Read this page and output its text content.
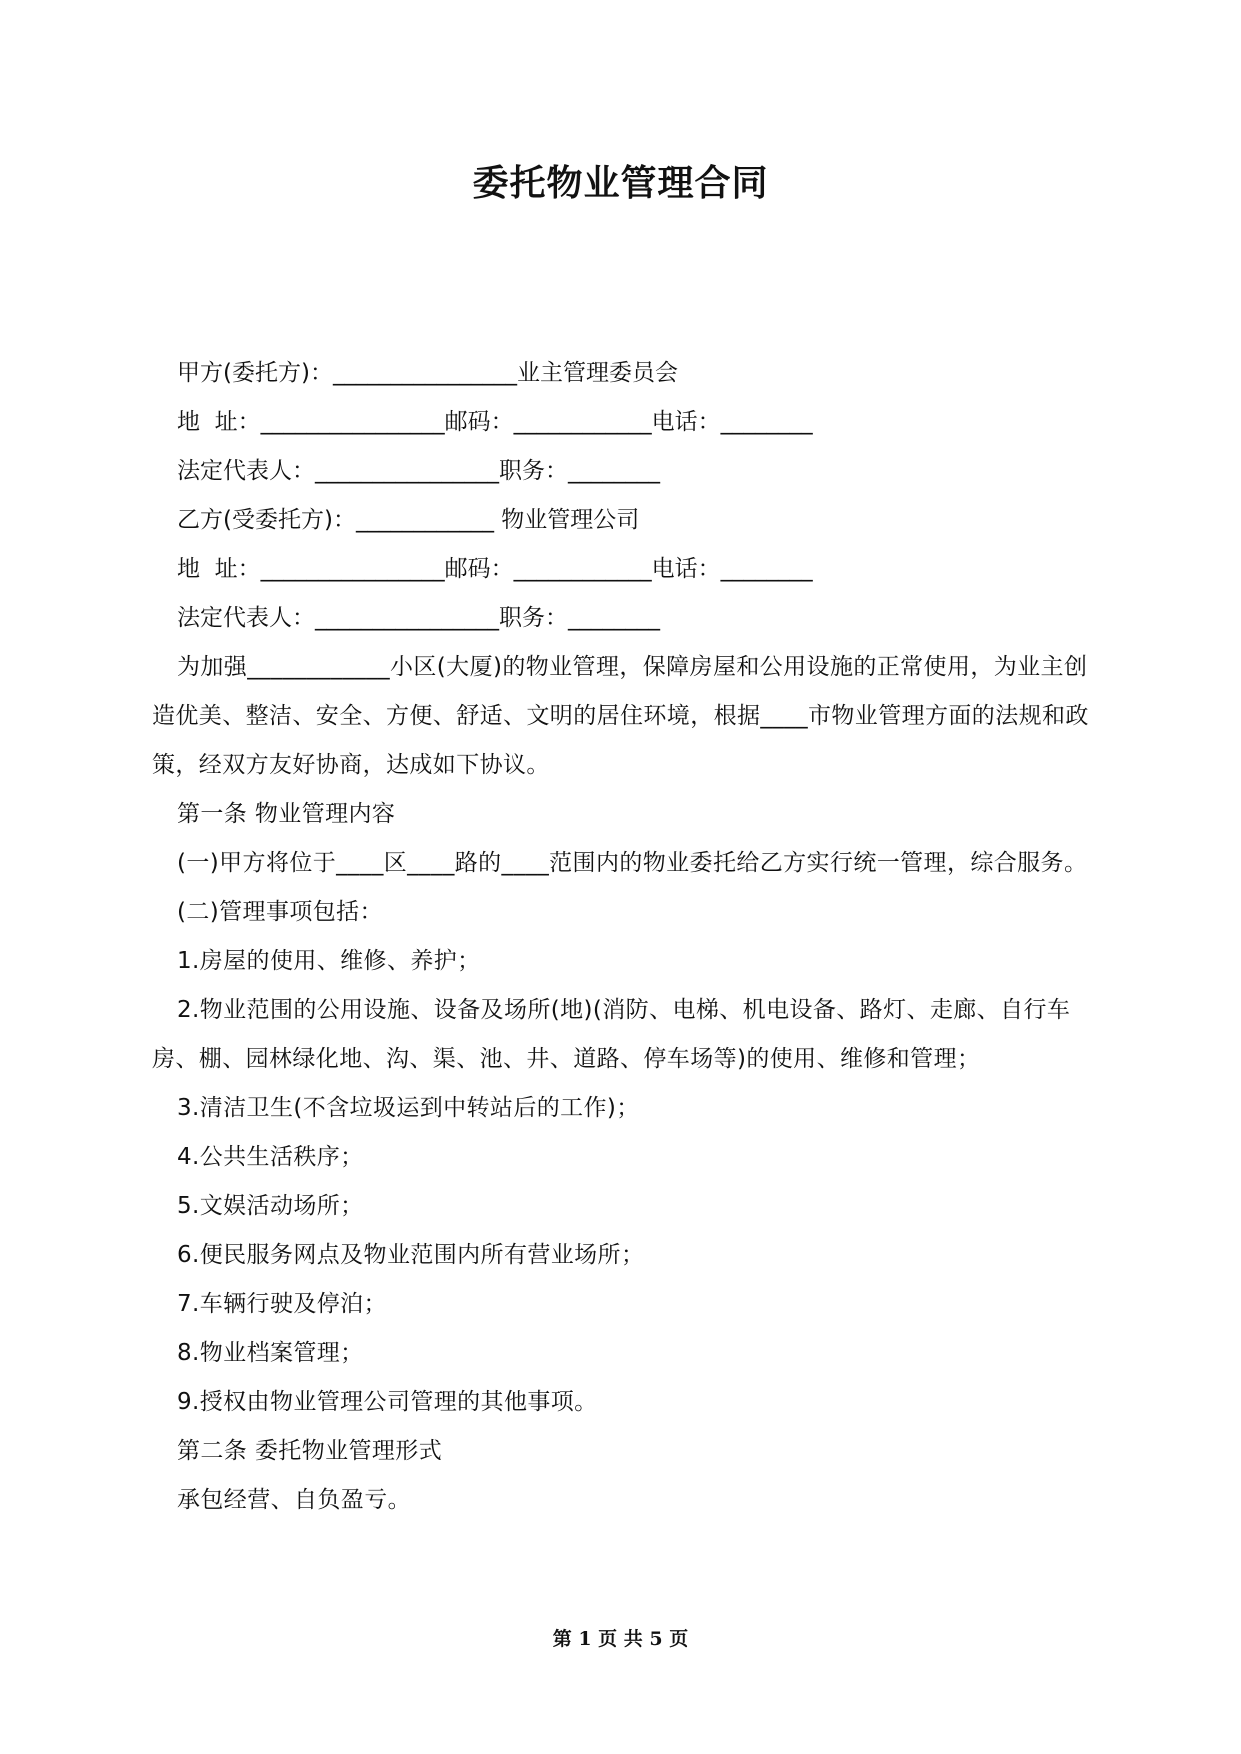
委托物业管理合同

甲方(委托方)：________________业主管理委员会

地  址：________________邮码：____________电话：________

法定代表人：________________职务：________

乙方(受委托方)：____________ 物业管理公司

地  址：________________邮码：____________电话：________

法定代表人：________________职务：________

为加强____________小区(大厦)的物业管理，保障房屋和公用设施的正常使用，为业主创造优美、整洁、安全、方便、舒适、文明的居住环境，根据____市物业管理方面的法规和政策，经双方友好协商，达成如下协议。

第一条 物业管理内容

(一)甲方将位于____区____路的____范围内的物业委托给乙方实行统一管理，综合服务。

(二)管理事项包括：

1.房屋的使用、维修、养护；

2.物业范围的公用设施、设备及场所(地)(消防、电梯、机电设备、路灯、走廊、自行车房、棚、园林绿化地、沟、渠、池、井、道路、停车场等)的使用、维修和管理；

3.清洁卫生(不含垃圾运到中转站后的工作)；

4.公共生活秩序；

5.文娱活动场所；

6.便民服务网点及物业范围内所有营业场所；

7.车辆行驶及停泊；

8.物业档案管理；

9.授权由物业管理公司管理的其他事项。

第二条 委托物业管理形式

承包经营、自负盈亏。

第 1 页 共 5 页
